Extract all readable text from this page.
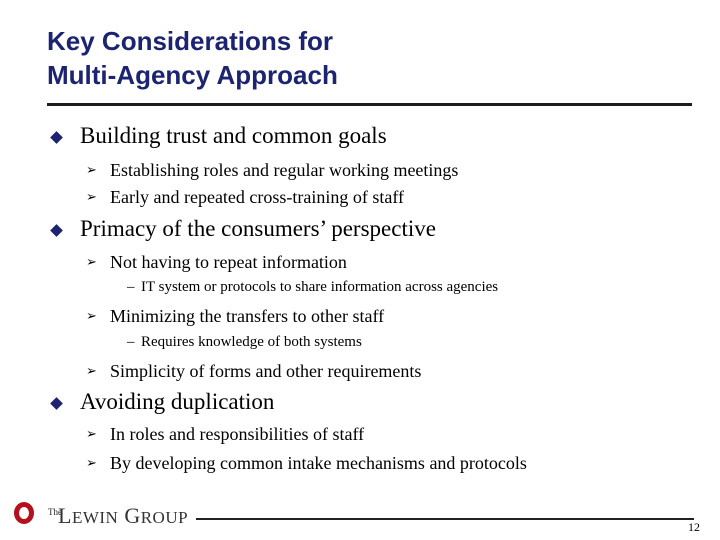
Key Considerations for
Multi-Agency Approach
Building trust and common goals
➢ Establishing roles and regular working meetings
➢ Early and repeated cross-training of staff
Primacy of the consumers’ perspective
➢ Not having to repeat information
– IT system or protocols to share information across agencies
➢ Minimizing the transfers to other staff
– Requires knowledge of both systems
➢ Simplicity of forms and other requirements
Avoiding duplication
➢ In roles and responsibilities of staff
➢ By developing common intake mechanisms and protocols
The
LEWIN GROUP	12
